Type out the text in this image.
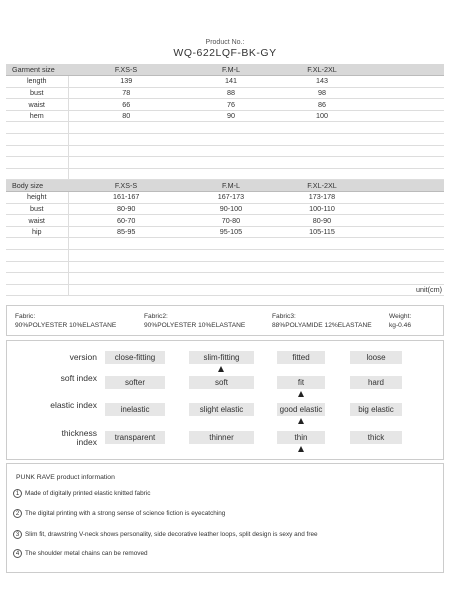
Product No.:
WQ-622LQF-BK-GY
Garment size	F.XS-S	F.M-L	F.XL-2XL	
length	139	141	143	
bust	78	88	98	
waist	66	76	86	
hem	80	90	100	

Body size	F.XS-S	F.M-L	F.XL-2XL	
height	161-167	167-173	173-178	
bust	80-90	90-100	100-110	
waist	60-70	70-80	80-90	
hip	85-95	95-105	105-115	

				unit(cm)
Fabric:
90%POLYESTER 10%ELASTANE
Fabric2:
90%POLYESTER 10%ELASTANE
Fabric3:
88%POLYAMIDE 12%ELASTANE
Weight:
kg-0.46
version	close-fitting	slim-fitting	fitted	loose
soft index	softer	soft	fit	hard
elastic index	inelastic	slight elastic	good elastic	big elastic
thickness index	transparent	thinner	thin	thick
PUNK RAVE product information
1 Made of digitally printed elastic knitted fabric
2 The digital printing with a strong sense of science fiction is eyecatching
3 Slim fit, drawstring V-neck shows personality, side decorative leather loops, split design is sexy and free
4 The shoulder metal chains can be removed
